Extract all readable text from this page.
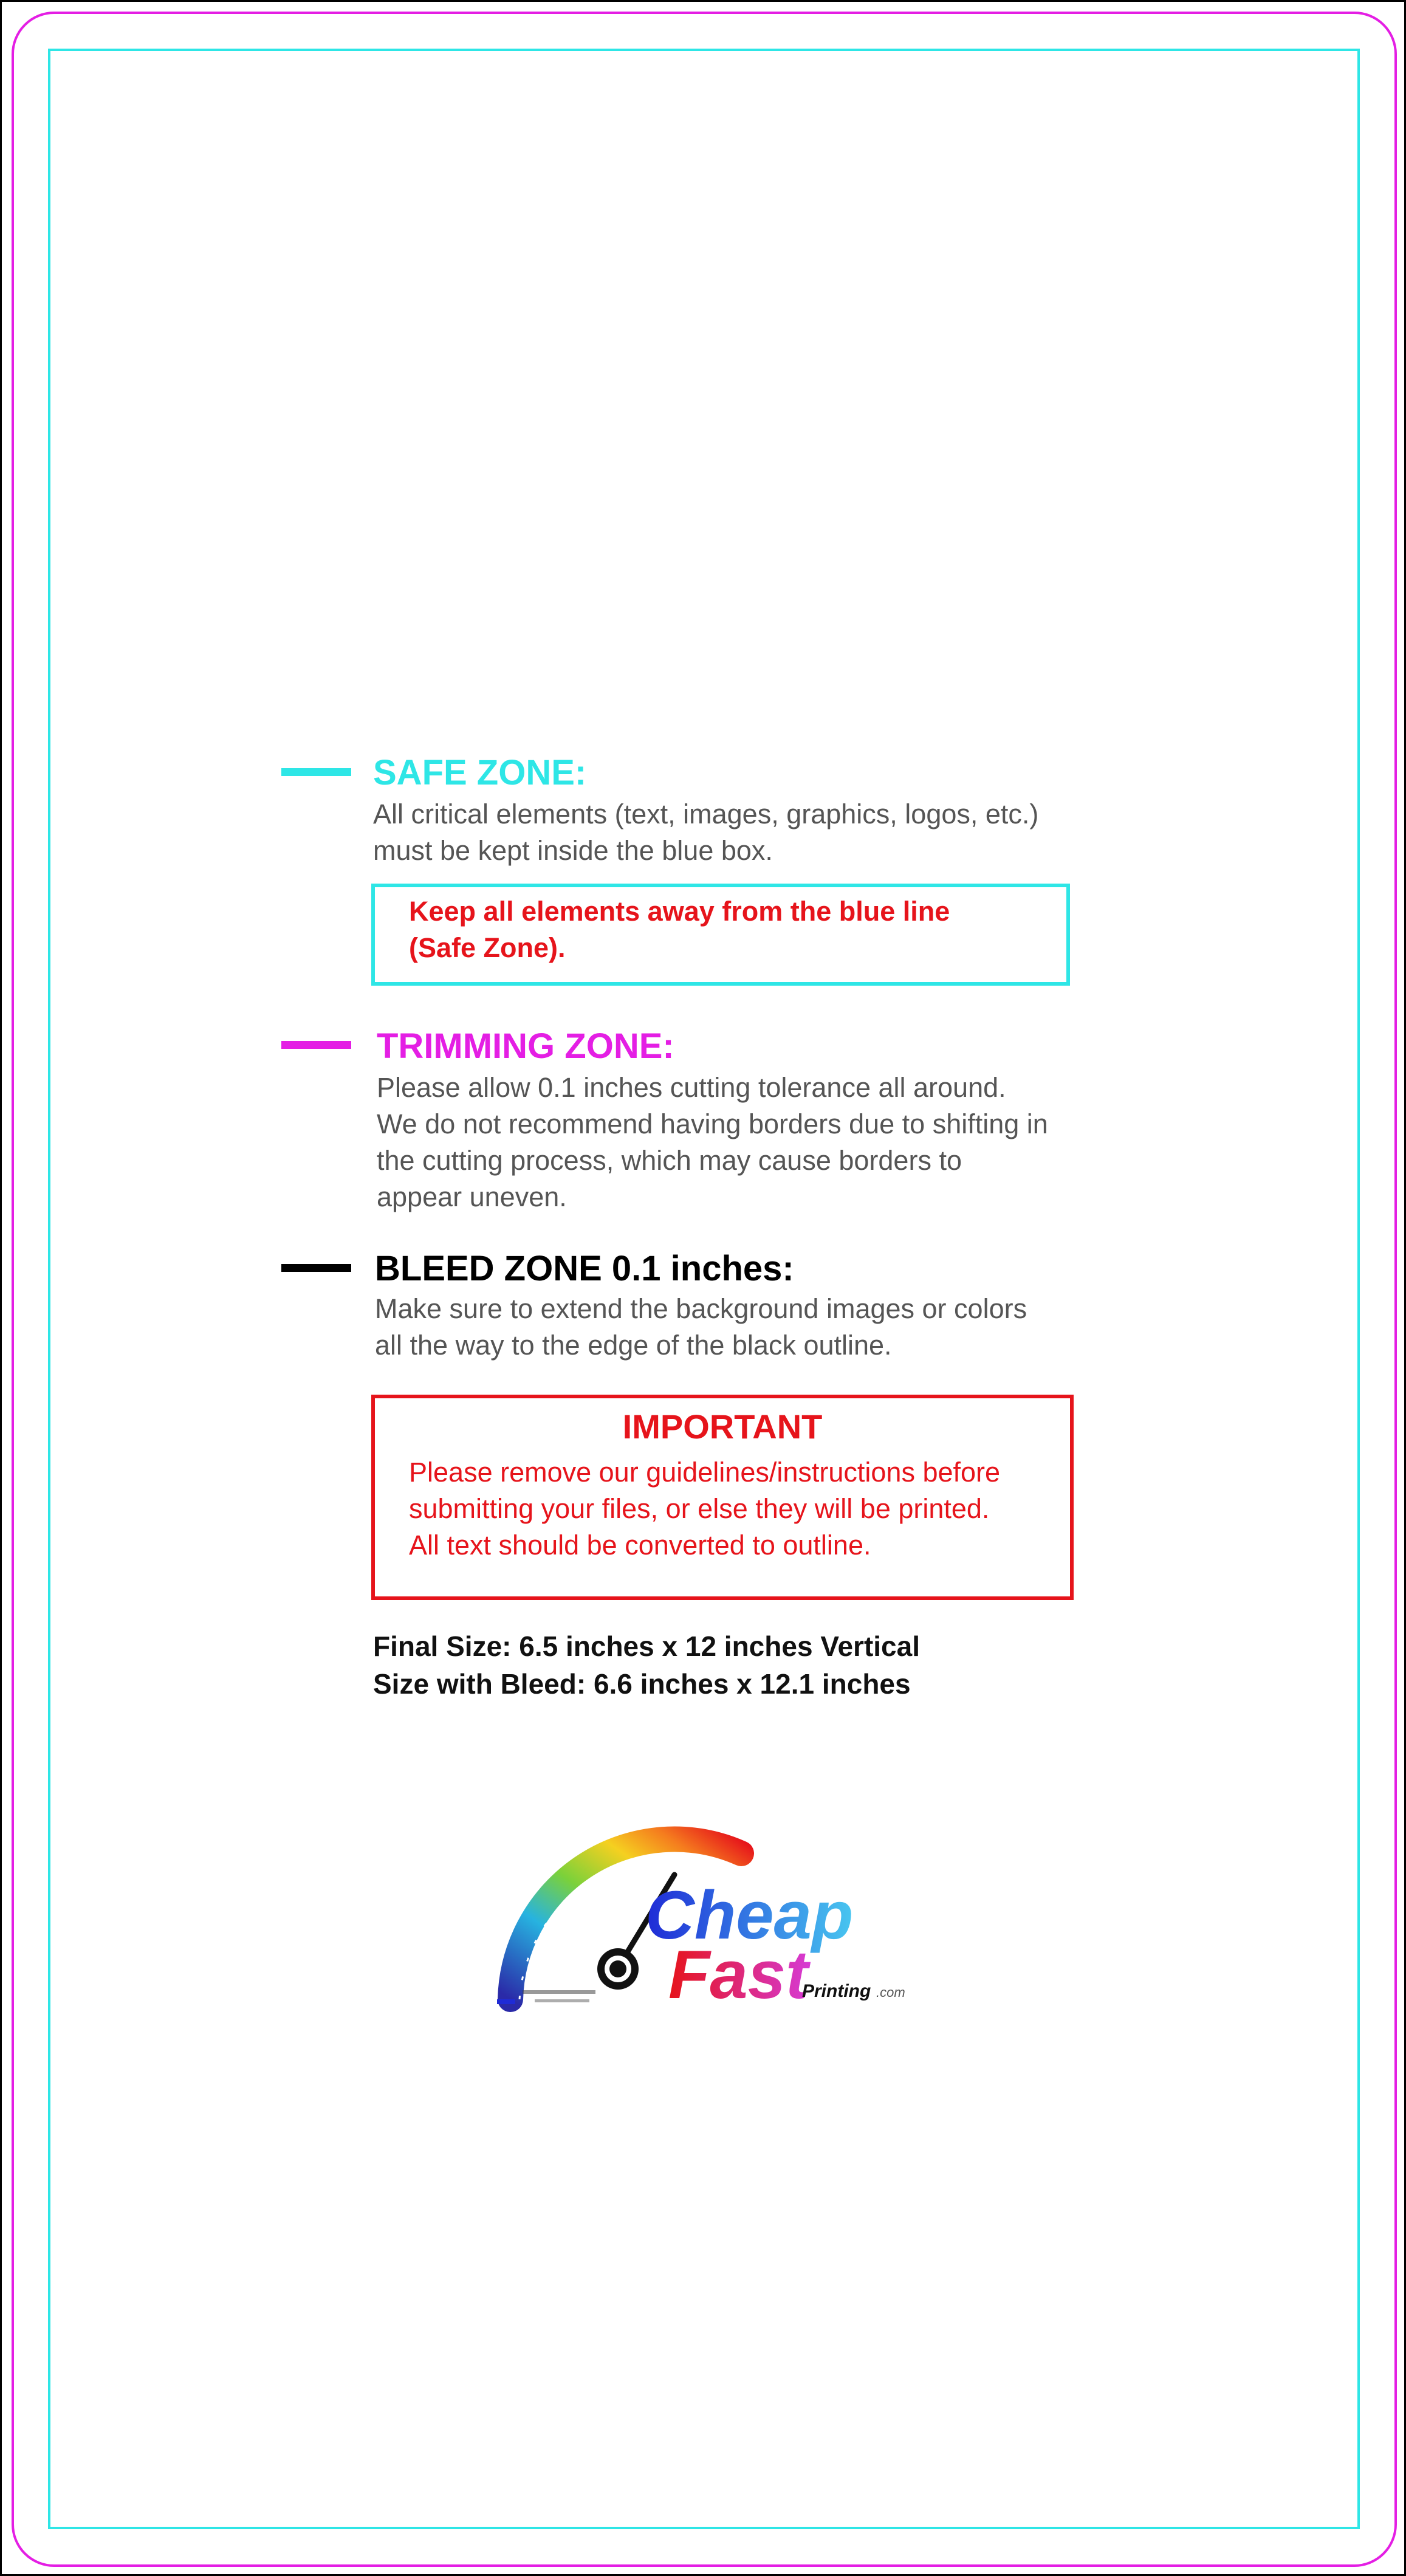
SAFE ZONE:

All critical elements (text, images, graphics, logos, etc.)
must be kept inside the blue box.

Keep all elements away from the blue line
(Safe Zone).

TRIMMING ZONE:

Please allow 0.1 inches cutting tolerance all around.
We do not recommend having borders due to shifting in
the cutting process, which may cause borders to
appear uneven.

BLEED ZONE 0.1 inches:

Make sure to extend the background images or colors
all the way to the edge of the black outline.

IMPORTANT

Please remove our guidelines/instructions before
submitting your files, or else they will be printed.
All text should be converted to outline.

Final Size: 6.5 inches x 12 inches Vertical
Size with Bleed: 6.6 inches x 12.1 inches

Cheap
Fast
Printing .com
